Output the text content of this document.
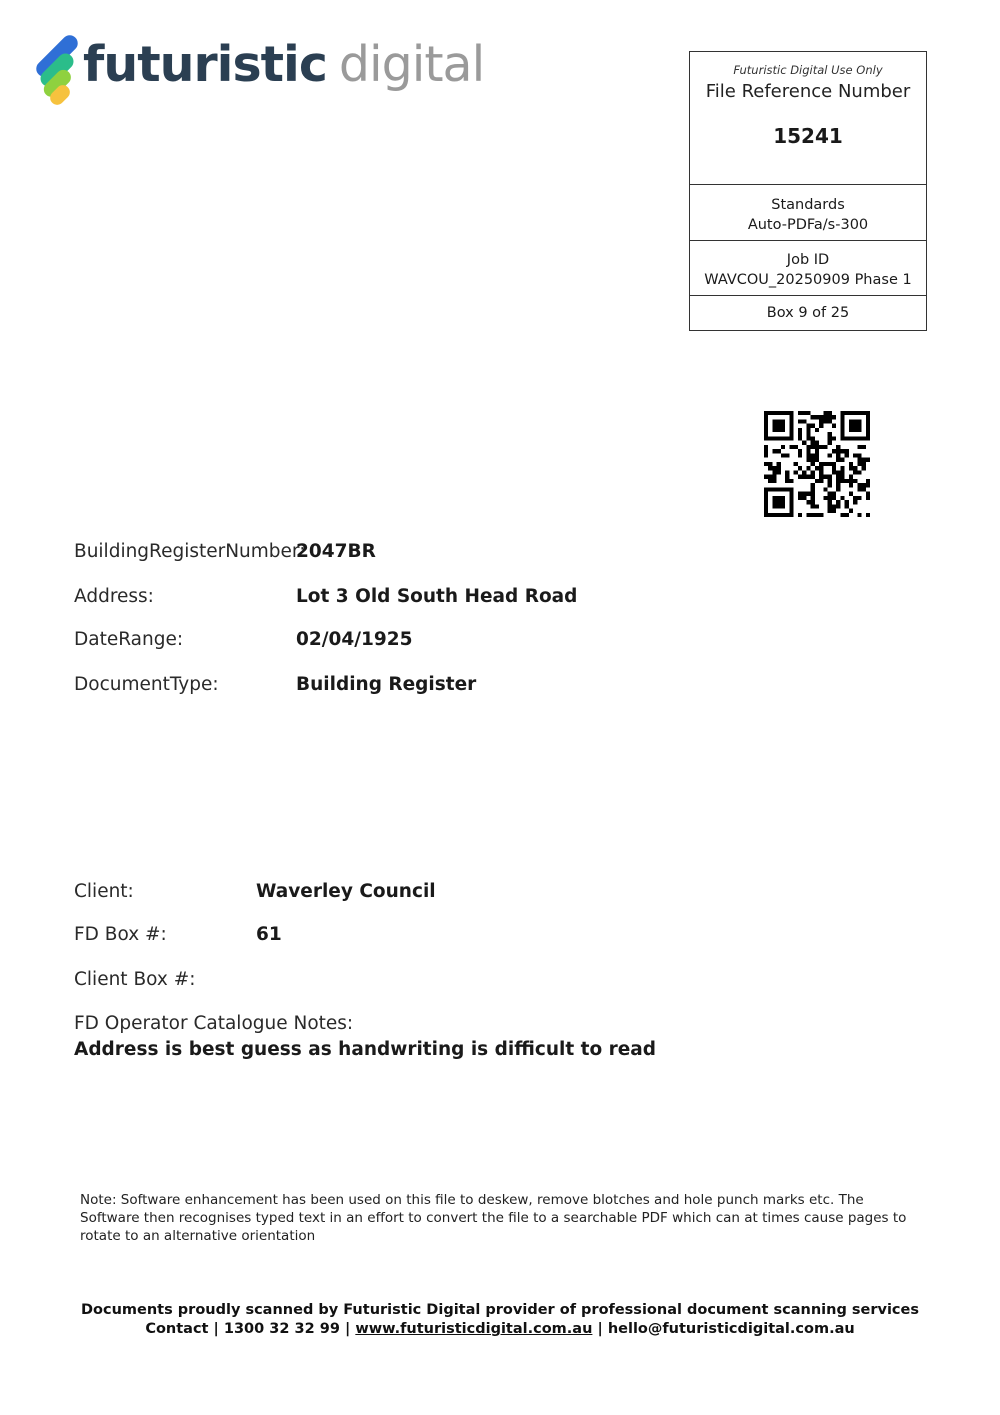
futuristic digital	Futuristic Digital Use Only
File Reference Number
15241
Standards
Auto-PDFa/s-300
Job ID
WAVCOU_20250909 Phase 1
Box 9 of 25
BuildingRegisterNumber:
2047BR
Address:	Lot 3 Old South Head Road
DateRange:	02/04/1925
DocumentType:	Building Register
Client:	Waverley Council
FD Box #:	61
Client Box #:
FD Operator Catalogue Notes:
Address is best guess as handwriting is difficult to read
Note: Software enhancement has been used on this file to deskew, remove blotches and hole punch marks etc. The Software then recognises typed text in an effort to convert the file to a searchable PDF which can at times cause pages to rotate to an alternative orientation
Documents proudly scanned by Futuristic Digital provider of professional document scanning services
Contact | 1300 32 32 99 | www.futuristicdigital.com.au | hello@futuristicdigital.com.au
